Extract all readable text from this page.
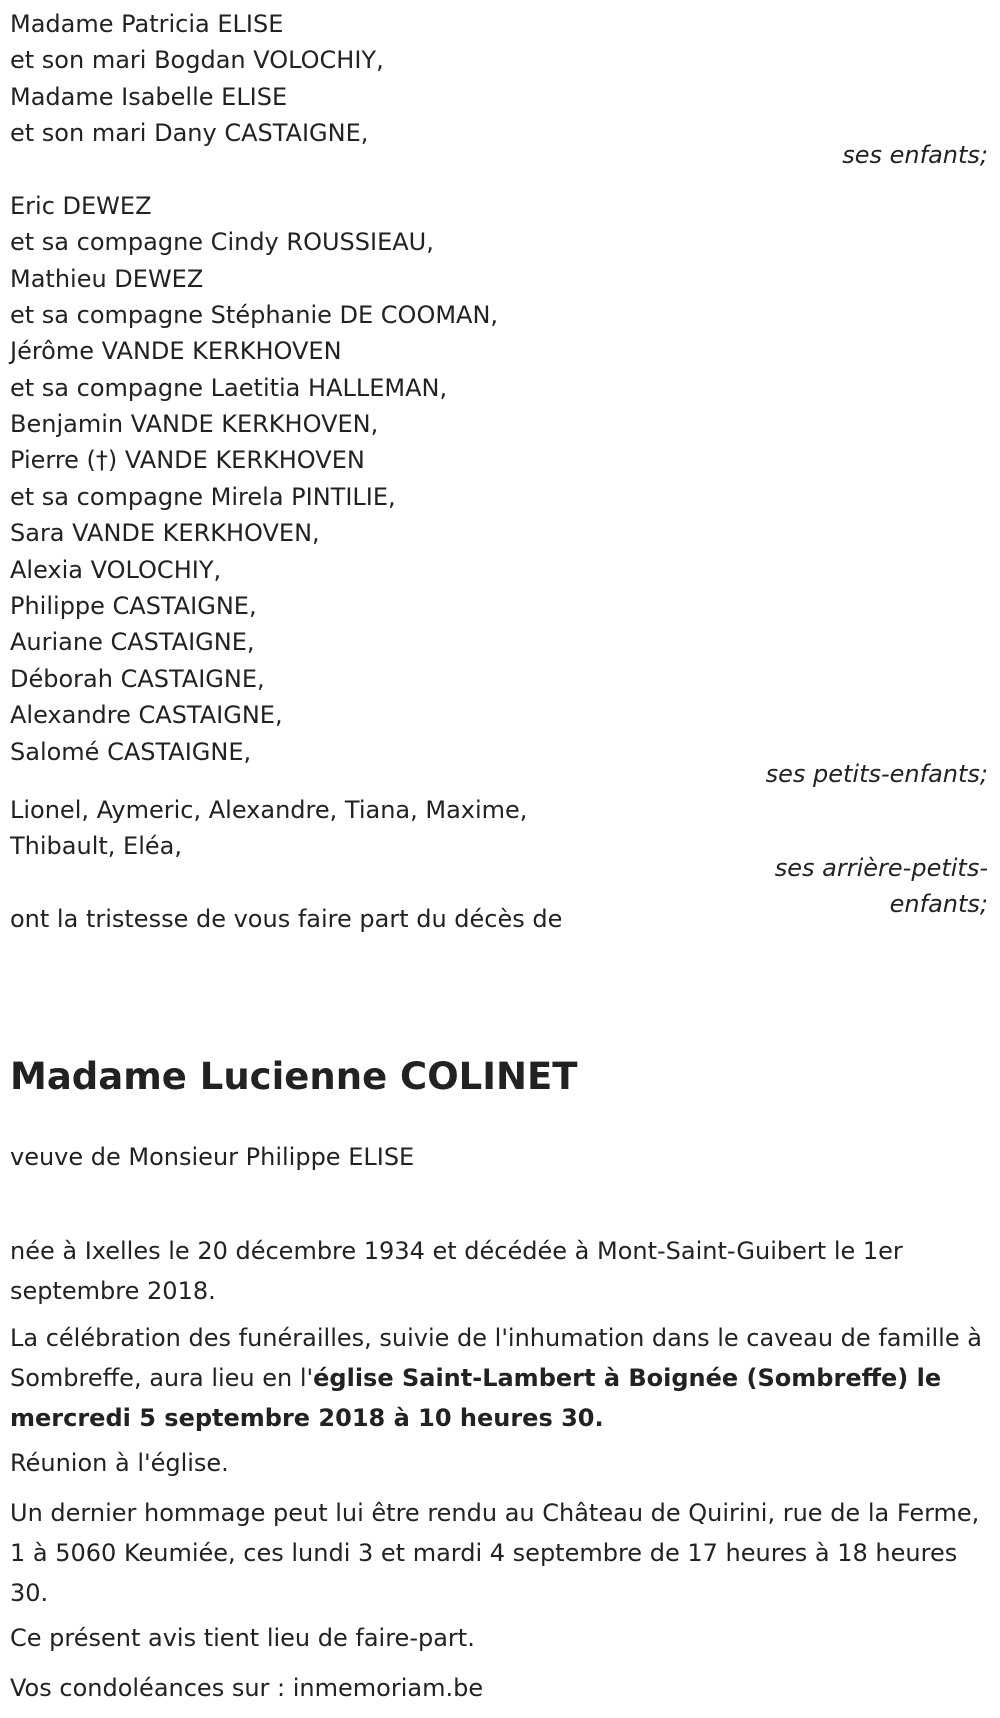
Madame Patricia ELISE
et son mari Bogdan VOLOCHIY,
Madame Isabelle ELISE
et son mari Dany CASTAIGNE,
ses enfants;
Eric DEWEZ
et sa compagne Cindy ROUSSIEAU,
Mathieu DEWEZ
et sa compagne Stéphanie DE COOMAN,
Jérôme VANDE KERKHOVEN
et sa compagne Laetitia HALLEMAN,
Benjamin VANDE KERKHOVEN,
Pierre (†) VANDE KERKHOVEN
et sa compagne Mirela PINTILIE,
Sara VANDE KERKHOVEN,
Alexia VOLOCHIY,
Philippe CASTAIGNE,
Auriane CASTAIGNE,
Déborah CASTAIGNE,
Alexandre CASTAIGNE,
Salomé CASTAIGNE,
ses petits-enfants;
Lionel, Aymeric, Alexandre, Tiana, Maxime,
Thibault, Eléa,
ses arrière-petits-
enfants;
ont la tristesse de vous faire part du décès de
Madame Lucienne COLINET
veuve de Monsieur Philippe ELISE
née à Ixelles le 20 décembre 1934 et décédée à Mont-Saint-Guibert le 1er septembre 2018.
La célébration des funérailles, suivie de l'inhumation dans le caveau de famille à Sombreffe, aura lieu en l'église Saint-Lambert à Boignée (Sombreffe) le mercredi 5 septembre 2018 à 10 heures 30.
Réunion à l'église.
Un dernier hommage peut lui être rendu au Château de Quirini, rue de la Ferme, 1 à 5060 Keumiée, ces lundi 3 et mardi 4 septembre de 17 heures à 18 heures 30.
Ce présent avis tient lieu de faire-part.
Vos condoléances sur : inmemoriam.be
